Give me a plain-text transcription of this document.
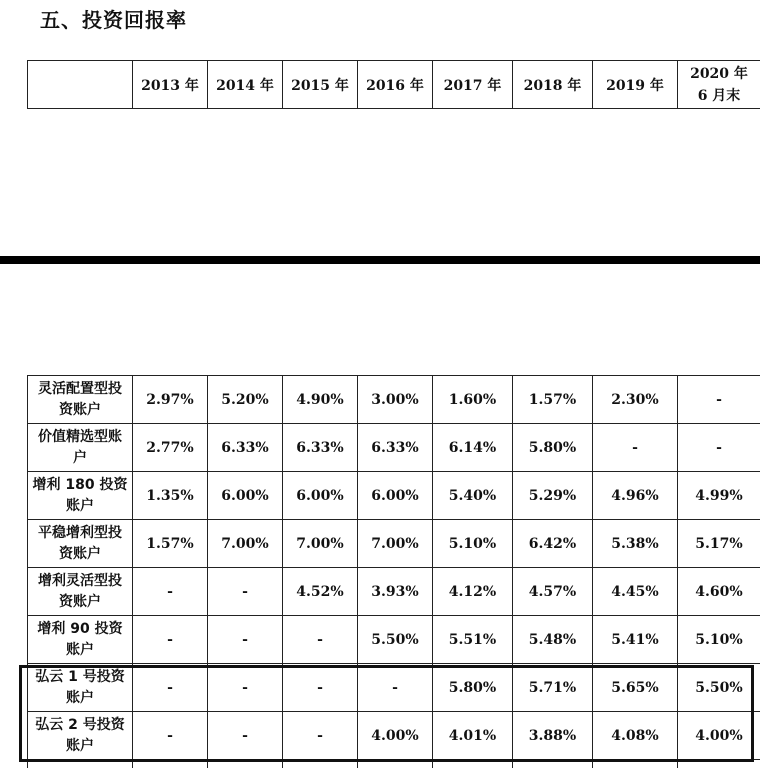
五、投资回报率
	2013 年	2014 年	2015 年	2016 年	2017 年	2018 年	2019 年	2020 年 6 月末
灵活配置型投资账户	2.97%	5.20%	4.90%	3.00%	1.60%	1.57%	2.30%	-
价值精选型账户	2.77%	6.33%	6.33%	6.33%	6.14%	5.80%	-	-
增利 180 投资账户	1.35%	6.00%	6.00%	6.00%	5.40%	5.29%	4.96%	4.99%
平稳增利型投资账户	1.57%	7.00%	7.00%	7.00%	5.10%	6.42%	5.38%	5.17%
增利灵活型投资账户	-	-	4.52%	3.93%	4.12%	4.57%	4.45%	4.60%
增利 90 投资账户	-	-	-	5.50%	5.51%	5.48%	5.41%	5.10%
弘云 1 号投资账户	-	-	-	-	5.80%	5.71%	5.65%	5.50%
弘云 2 号投资账户	-	-	-	4.00%	4.01%	3.88%	4.08%	4.00%
